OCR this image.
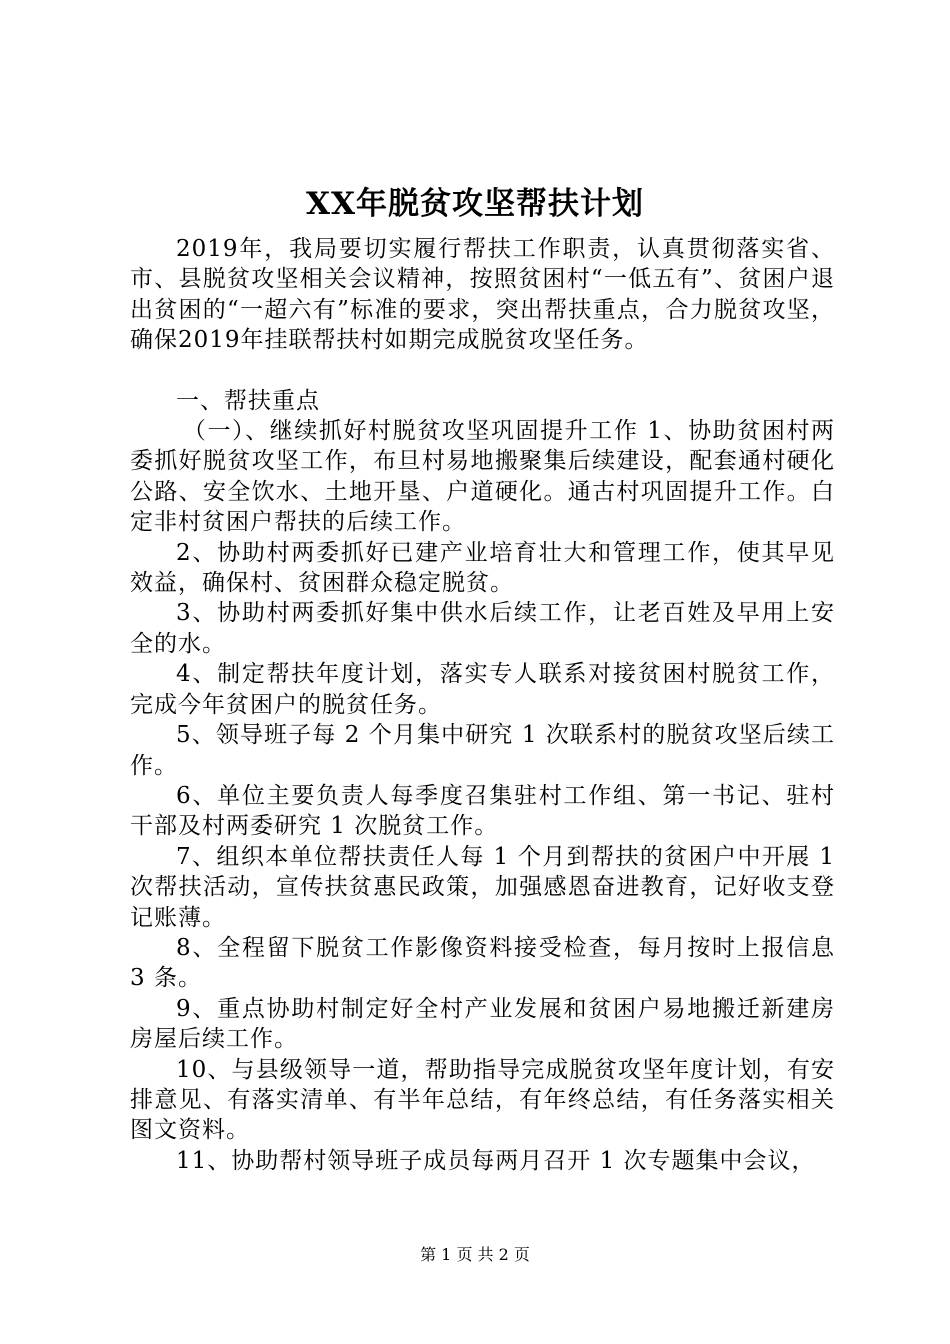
XX年脱贫攻坚帮扶计划

2019年，我局要切实履行帮扶工作职责，认真贯彻落实省、市、县脱贫攻坚相关会议精神，按照贫困村“一低五有”、贫困户退出贫困的“一超六有”标准的要求，突出帮扶重点，合力脱贫攻坚，确保2019年挂联帮扶村如期完成脱贫攻坚任务。

一、帮扶重点

（一）、继续抓好村脱贫攻坚巩固提升工作 1、协助贫困村两委抓好脱贫攻坚工作，布旦村易地搬聚集后续建设，配套通村硬化公路、安全饮水、土地开垦、户道硬化。通古村巩固提升工作。白定非村贫困户帮扶的后续工作。

2、协助村两委抓好已建产业培育壮大和管理工作，使其早见效益，确保村、贫困群众稳定脱贫。

3、协助村两委抓好集中供水后续工作，让老百姓及早用上安全的水。

4、制定帮扶年度计划，落实专人联系对接贫困村脱贫工作，完成今年贫困户的脱贫任务。

5、领导班子每 2 个月集中研究 1 次联系村的脱贫攻坚后续工作。

6、单位主要负责人每季度召集驻村工作组、第一书记、驻村干部及村两委研究 1 次脱贫工作。

7、组织本单位帮扶责任人每 1 个月到帮扶的贫困户中开展 1 次帮扶活动，宣传扶贫惠民政策，加强感恩奋进教育，记好收支登记账薄。

8、全程留下脱贫工作影像资料接受检查，每月按时上报信息 3 条。

9、重点协助村制定好全村产业发展和贫困户易地搬迁新建房房屋后续工作。

10、与县级领导一道，帮助指导完成脱贫攻坚年度计划，有安排意见、有落实清单、有半年总结，有年终总结，有任务落实相关图文资料。

11、协助帮村领导班子成员每两月召开 1 次专题集中会议，

第 1 页 共 2 页
